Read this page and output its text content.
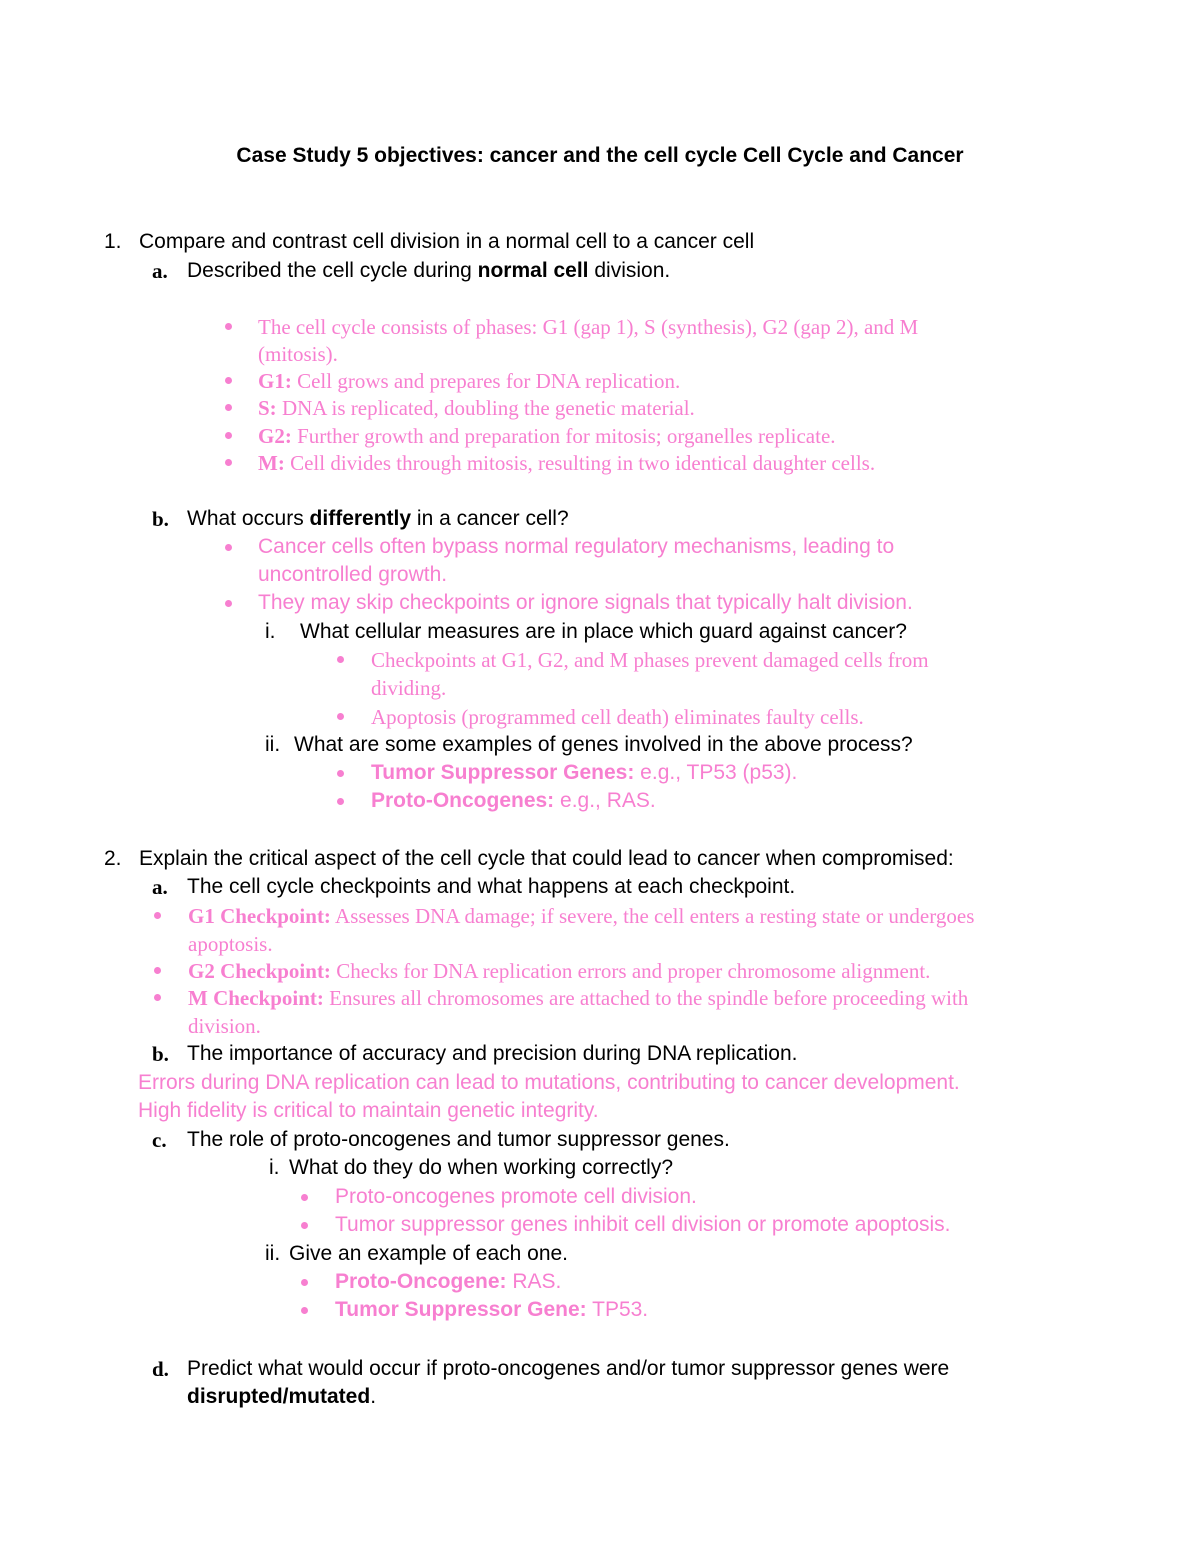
Case Study 5 objectives: cancer and the cell cycle Cell Cycle and Cancer
1. Compare and contrast cell division in a normal cell to a cancer cell
a. Described the cell cycle during normal cell division.
The cell cycle consists of phases: G1 (gap 1), S (synthesis), G2 (gap 2), and M
(mitosis).
G1: Cell grows and prepares for DNA replication.
S: DNA is replicated, doubling the genetic material.
G2: Further growth and preparation for mitosis; organelles replicate.
M: Cell divides through mitosis, resulting in two identical daughter cells.
b. What occurs differently in a cancer cell?
Cancer cells often bypass normal regulatory mechanisms, leading to
uncontrolled growth.
They may skip checkpoints or ignore signals that typically halt division.
i. What cellular measures are in place which guard against cancer?
Checkpoints at G1, G2, and M phases prevent damaged cells from
dividing.
Apoptosis (programmed cell death) eliminates faulty cells.
ii. What are some examples of genes involved in the above process?
Tumor Suppressor Genes: e.g., TP53 (p53).
Proto-Oncogenes: e.g., RAS.
2. Explain the critical aspect of the cell cycle that could lead to cancer when compromised:
a. The cell cycle checkpoints and what happens at each checkpoint.
G1 Checkpoint: Assesses DNA damage; if severe, the cell enters a resting state or undergoes
apoptosis.
G2 Checkpoint: Checks for DNA replication errors and proper chromosome alignment.
M Checkpoint: Ensures all chromosomes are attached to the spindle before proceeding with
division.
b. The importance of accuracy and precision during DNA replication.
Errors during DNA replication can lead to mutations, contributing to cancer development.
High fidelity is critical to maintain genetic integrity.
c. The role of proto-oncogenes and tumor suppressor genes.
i. What do they do when working correctly?
Proto-oncogenes promote cell division.
Tumor suppressor genes inhibit cell division or promote apoptosis.
ii. Give an example of each one.
Proto-Oncogene: RAS.
Tumor Suppressor Gene: TP53.
d. Predict what would occur if proto-oncogenes and/or tumor suppressor genes were
disrupted/mutated.
